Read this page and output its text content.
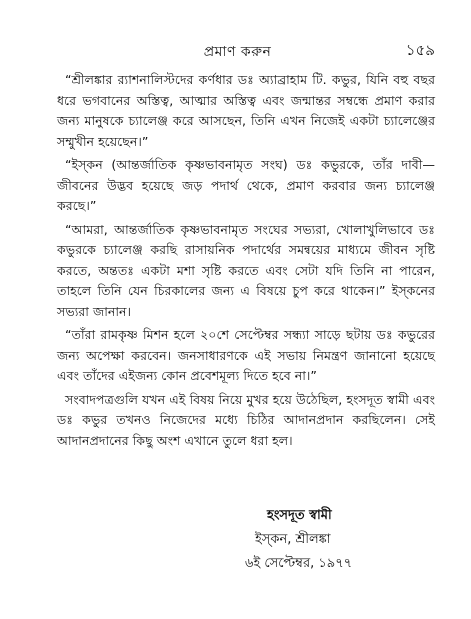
প্রমাণ করুন	১৫৯

“শ্রীলঙ্কার র‍্যাশনালিস্টদের কর্ণধার ডঃ অ্যাব্রাহাম টি. কভুর, যিনি বহু বছর ধরে ভগবানের অস্তিত্ব, আত্মার অস্তিত্ব এবং জন্মান্তর সম্বন্ধে প্রমাণ করার জন্য মানুষকে চ্যালেঞ্জ করে আসছেন, তিনি এখন নিজেই একটা চ্যালেঞ্জের সম্মুখীন হয়েছেন।”

“ইস্‌কন (আন্তর্জাতিক কৃষ্ণভাবনামৃত সংঘ) ডঃ কভুরকে, তাঁর দাবী—জীবনের উদ্ভব হয়েছে জড় পদার্থ থেকে, প্রমাণ করবার জন্য চ্যালেঞ্জ করছে।”

“আমরা, আন্তর্জাতিক কৃষ্ণভাবনামৃত সংঘের সভ্যরা, খোলাখুলিভাবে ডঃ কভুরকে চ্যালেঞ্জ করছি রাসায়নিক পদার্থের সমন্বয়ের মাধ্যমে জীবন সৃষ্টি করতে, অন্ততঃ একটা মশা সৃষ্টি করতে এবং সেটা যদি তিনি না পারেন, তাহলে তিনি যেন চিরকালের জন্য এ বিষয়ে চুপ করে থাকেন।” ইস্‌কনের সভ্যরা জানান।

“তাঁরা রামকৃষ্ণ মিশন হলে ২০শে সেপ্টেম্বর সন্ধ্যা সাড়ে ছটায় ডঃ কভুরের জন্য অপেক্ষা করবেন। জনসাধারণকে এই সভায় নিমন্ত্রণ জানানো হয়েছে এবং তাঁদের এইজন্য কোন প্রবেশমূল্য দিতে হবে না।”

সংবাদপত্রগুলি যখন এই বিষয় নিয়ে মুখর হয়ে উঠেছিল, হংসদূত স্বামী এবং ডঃ কভুর তখনও নিজেদের মধ্যে চিঠির আদানপ্রদান করছিলেন। সেই আদানপ্রদানের কিছু অংশ এখানে তুলে ধরা হল।

হংসদূত স্বামী
ইস্‌কন, শ্রীলঙ্কা
৬ই সেপ্টেম্বর, ১৯৭৭
